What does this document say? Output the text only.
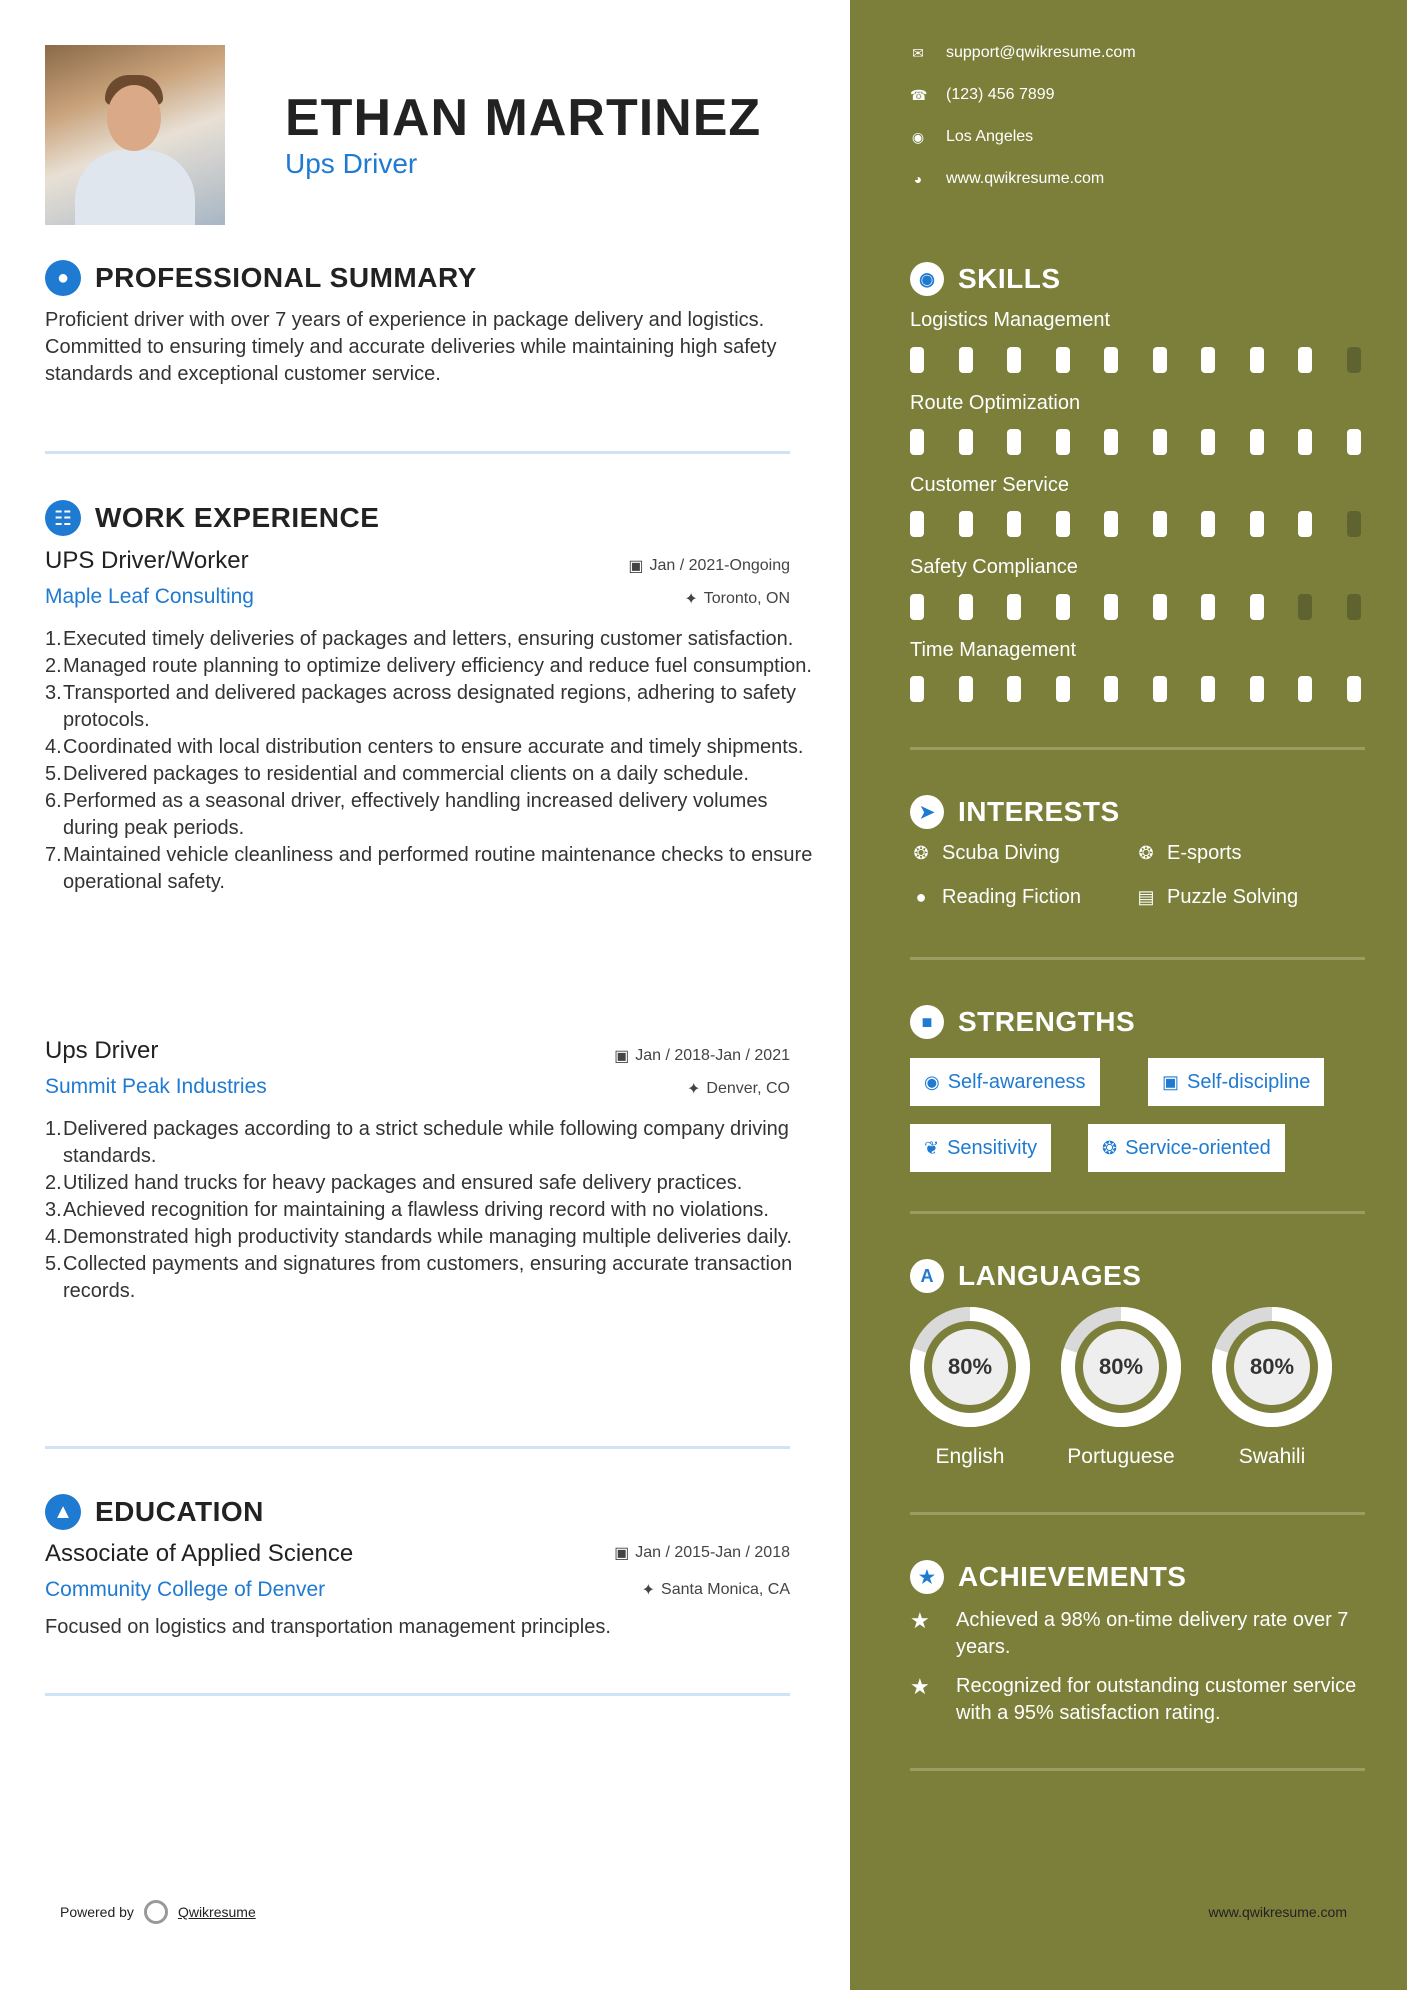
ETHAN MARTINEZ
Ups Driver
● PROFESSIONAL SUMMARY
Proficient driver with over 7 years of experience in package delivery and logistics. Committed to ensuring timely and accurate deliveries while maintaining high safety standards and exceptional customer service.
☷ WORK EXPERIENCE
UPS Driver/Worker	▣ Jan / 2021-Ongoing
Maple Leaf Consulting	✦ Toronto, ON
Executed timely deliveries of packages and letters, ensuring customer satisfaction.
Managed route planning to optimize delivery efficiency and reduce fuel consumption.
Transported and delivered packages across designated regions, adhering to safety protocols.
Coordinated with local distribution centers to ensure accurate and timely shipments.
Delivered packages to residential and commercial clients on a daily schedule.
Performed as a seasonal driver, effectively handling increased delivery volumes during peak periods.
Maintained vehicle cleanliness and performed routine maintenance checks to ensure operational safety.
Ups Driver	▣ Jan / 2018-Jan / 2021
Summit Peak Industries	✦ Denver, CO
Delivered packages according to a strict schedule while following company driving standards.
Utilized hand trucks for heavy packages and ensured safe delivery practices.
Achieved recognition for maintaining a flawless driving record with no violations.
Demonstrated high productivity standards while managing multiple deliveries daily.
Collected payments and signatures from customers, ensuring accurate transaction records.
▲ EDUCATION
Associate of Applied Science	▣ Jan / 2015-Jan / 2018
Community College of Denver	✦ Santa Monica, CA
Focused on logistics and transportation management principles.
Powered by	Qwikresume
✉ support@qwikresume.com
☎ (123) 456 7899
◉ Los Angeles
◕ www.qwikresume.com
◉ SKILLS
Logistics Management
Route Optimization
Customer Service
Safety Compliance
Time Management
➤ INTERESTS
❂ Scuba Diving	❂ E-sports
● Reading Fiction	▤ Puzzle Solving
■ STRENGTHS
◉ Self-awareness	▣ Self-discipline
❦ Sensitivity	❂ Service-oriented
A LANGUAGES
80%
English
80%
Portuguese
80%
Swahili
★ ACHIEVEMENTS
★	Achieved a 98% on-time delivery rate over 7 years.
★	Recognized for outstanding customer service with a 95% satisfaction rating.
www.qwikresume.com
